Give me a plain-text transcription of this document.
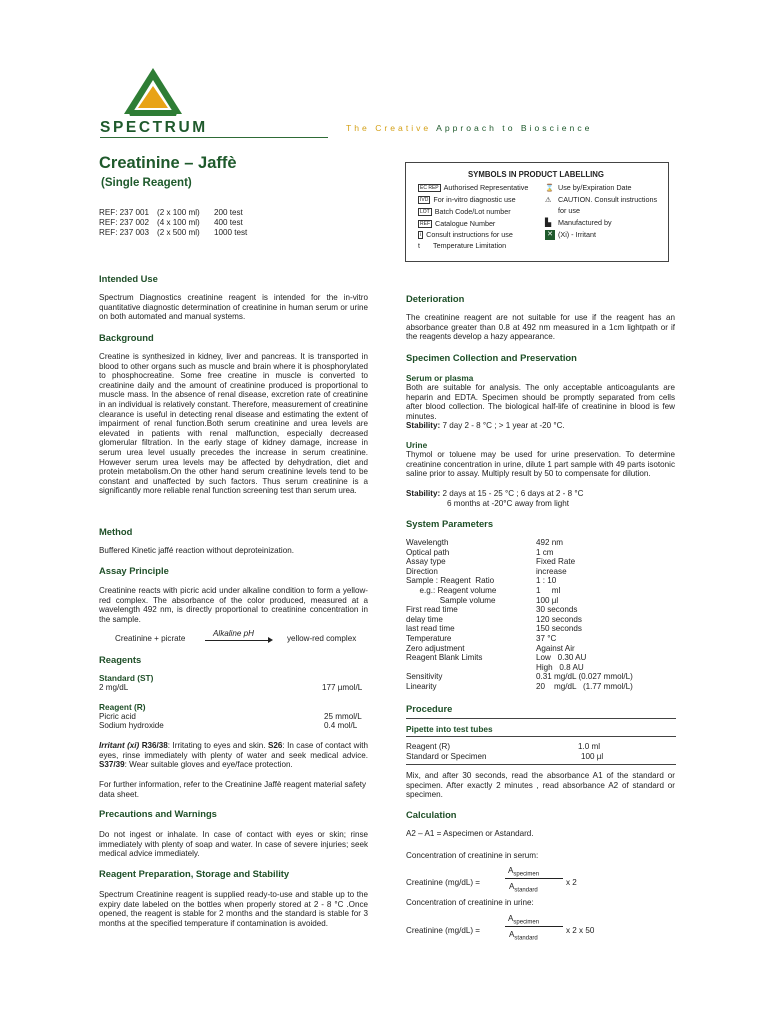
SPECTRUM	The Creative Approach to Bioscience
Creatinine – Jaffè
(Single Reagent)
REF: 237 001 (2 x 100 ml) 200 test
REF: 237 002 (4 x 100 ml) 400 test
REF: 237 003 (2 x 500 ml) 1000 test
SYMBOLS IN PRODUCT LABELLING
EC REP Authorised Representative
IVD For in-vitro diagnostic use
LOT Batch Code/Lot number
REF Catalogue Number
i Consult instructions for use
t Temperature Limitation
⌛ Use by/Expiration Date
⚠ CAUTION. Consult instructions
for use
▙ Manufactured by
✕ (Xi) - Irritant
Intended Use
Spectrum Diagnostics creatinine reagent is intended for the in-vitro quantitative diagnostic determination of creatinine in human serum or urine on both automated and manual systems.
Background
Creatine is synthesized in kidney, liver and pancreas. It is transported in blood to other organs such as muscle and brain where it is phosphorylated to phosphocreatine. Some free creatine in muscle is converted to creatinine daily and the amount of creatinine produced is proportional to muscle mass. In the absence of renal disease, excretion rate of creatinine in an individual is relatively constant. Therefore, measurement of creatinine clearance is useful in detecting renal disease and estimating the extent of impairment of renal function.Both serum creatinine and urea levels are elevated in patients with renal malfunction, especially decreased glomerular filtration. In the early stage of kidney damage, increase in serum urea level usually precedes the increase in serum creatinine. However serum urea levels may be affected by dehydration, diet and protein metabolism.On the other hand serum creatinine levels tend to be constant and unaffected by such factors. Thus serum creatinine is a significantly more reliable renal function screening test than serum urea.
Method
Buffered Kinetic jaffé reaction without deproteinization.
Assay Principle
Creatinine reacts with picric acid under alkaline condition to form a yellow-red complex. The absorbance of the color produced, measured at a wavelength 492 nm, is directly proportional to creatinine concentration in the sample.
Creatinine + picrate
Alkaline pH
yellow-red complex
Reagents
Standard (ST)
2 mg/dL	177 µmol/L
Reagent (R)
Picric acid	25 mmol/L
Sodium hydroxide	0.4 mol/L
Irritant (xi) R36/38: Irritating to eyes and skin. S26: In case of contact with eyes, rinse immediately with plenty of water and seek medical advice. S37/39: Wear suitable gloves and eye/face protection.
For further information, refer to the Creatinine Jaffè reagent material safety data sheet.
Precautions and Warnings
Do not ingest or inhalate. In case of contact with eyes or skin; rinse immediately with plenty of soap and water. In case of severe injuries; seek medical advice immediately.
Reagent Preparation, Storage and Stability
Spectrum Creatinine reagent is supplied ready-to-use and stable up to the expiry date labeled on the bottles when properly stored at 2 - 8 °C .Once opened, the reagent is stable for 2 months and the standard is stable for 3 months at the specified temperature if contamination is avoided.
Deterioration
The creatinine reagent are not suitable for use if the reagent has an absorbance greater than 0.8 at 492 nm measured in a 1cm lightpath or if the reagents develop a hazy appearance.
Specimen Collection and Preservation
Serum or plasma
Both are suitable for analysis. The only acceptable anticoagulants are heparin and EDTA. Specimen should be promptly separated from cells after blood collection. The biological half-life of creatinine in blood is few minutes.
Stability: 7 day 2 - 8 °C ; > 1 year at -20 °C.
Urine
Thymol or toluene may be used for urine preservation. To determine creatinine concentration in urine, dilute 1 part sample with 49 parts isotonic saline prior to assay. Multiply result by 50 to compensate for dilution.
Stability: 2 days at 15 - 25 °C ; 6 days at 2 - 8 °C
6 months at -20°C away from light
System Parameters
Wavelength	492 nm
Optical path	1 cm
Assay type	Fixed Rate
Direction	increase
Sample : Reagent  Ratio	1 : 10
e.g.: Reagent volume	1     ml
Sample volume	100 µl
First read time	30 seconds
delay time	120 seconds
last read time	150 seconds
Temperature	37 °C
Zero adjustment	Against Air
Reagent Blank Limits	Low   0.30 AU
High   0.8 AU
Sensitivity	0.31 mg/dL (0.027 mmol/L)
Linearity	20    mg/dL   (1.77 mmol/L)
Procedure
Pipette into test tubes
Reagent (R)	1.0 ml
Standard or Specimen	100 µl
Mix, and after 30 seconds, read the absorbance A1 of the standard or specimen. After exactly 2 minutes , read absorbance A2 of standard or specimen.
Calculation
A2 – A1 = Aspecimen or Astandard.
Concentration of creatinine in serum:
Creatinine (mg/dL) =
$A_{specimen}$
$A_{standard}$
x 2
Concentration of creatinine in urine:
Creatinine (mg/dL) =
$A_{specimen}$
$A_{standard}$
x 2 x 50
